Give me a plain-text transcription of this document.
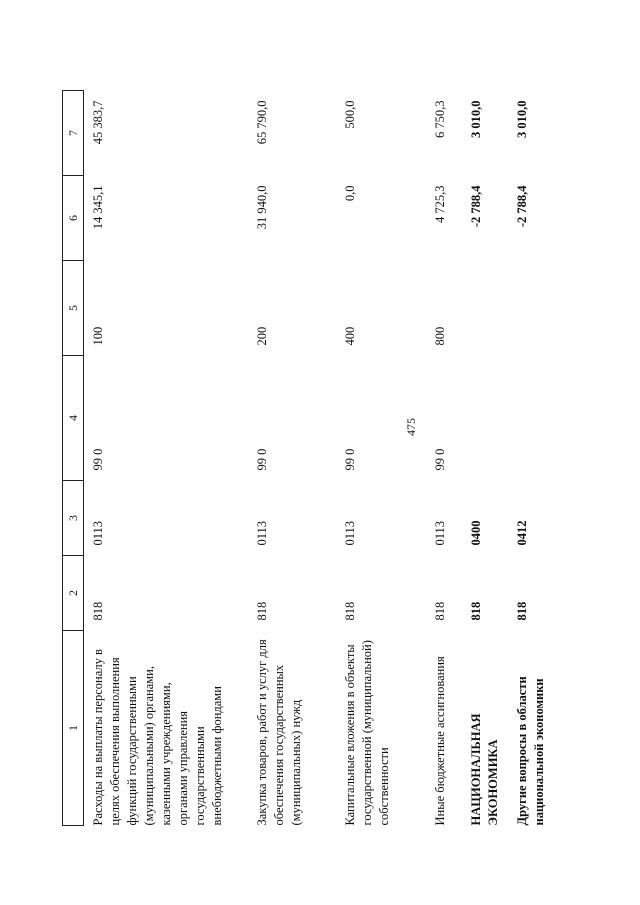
475
1	2	3	4	5	6	7
Расходы на выплаты персоналу в целях обеспечения выполнения функций государственными (муниципальными) органами, казенными учреждениями, органами управления государственными внебюджетными фондами	818	0113	99 0	100	14 345,1	45 383,7
Закупка товаров, работ и услуг для обеспечения государственных (муниципальных) нужд	818	0113	99 0	200	31 940,0	65 790,0
Капитальные вложения в объекты государственной (муниципальной) собственности	818	0113	99 0	400	0,0	500,0
Иные бюджетные ассигнования	818	0113	99 0	800	4 725,3	6 750,3
НАЦИОНАЛЬНАЯ ЭКОНОМИКА	818	0400			-2 788,4	3 010,0
Другие вопросы в области национальной экономики	818	0412			-2 788,4	3 010,0
